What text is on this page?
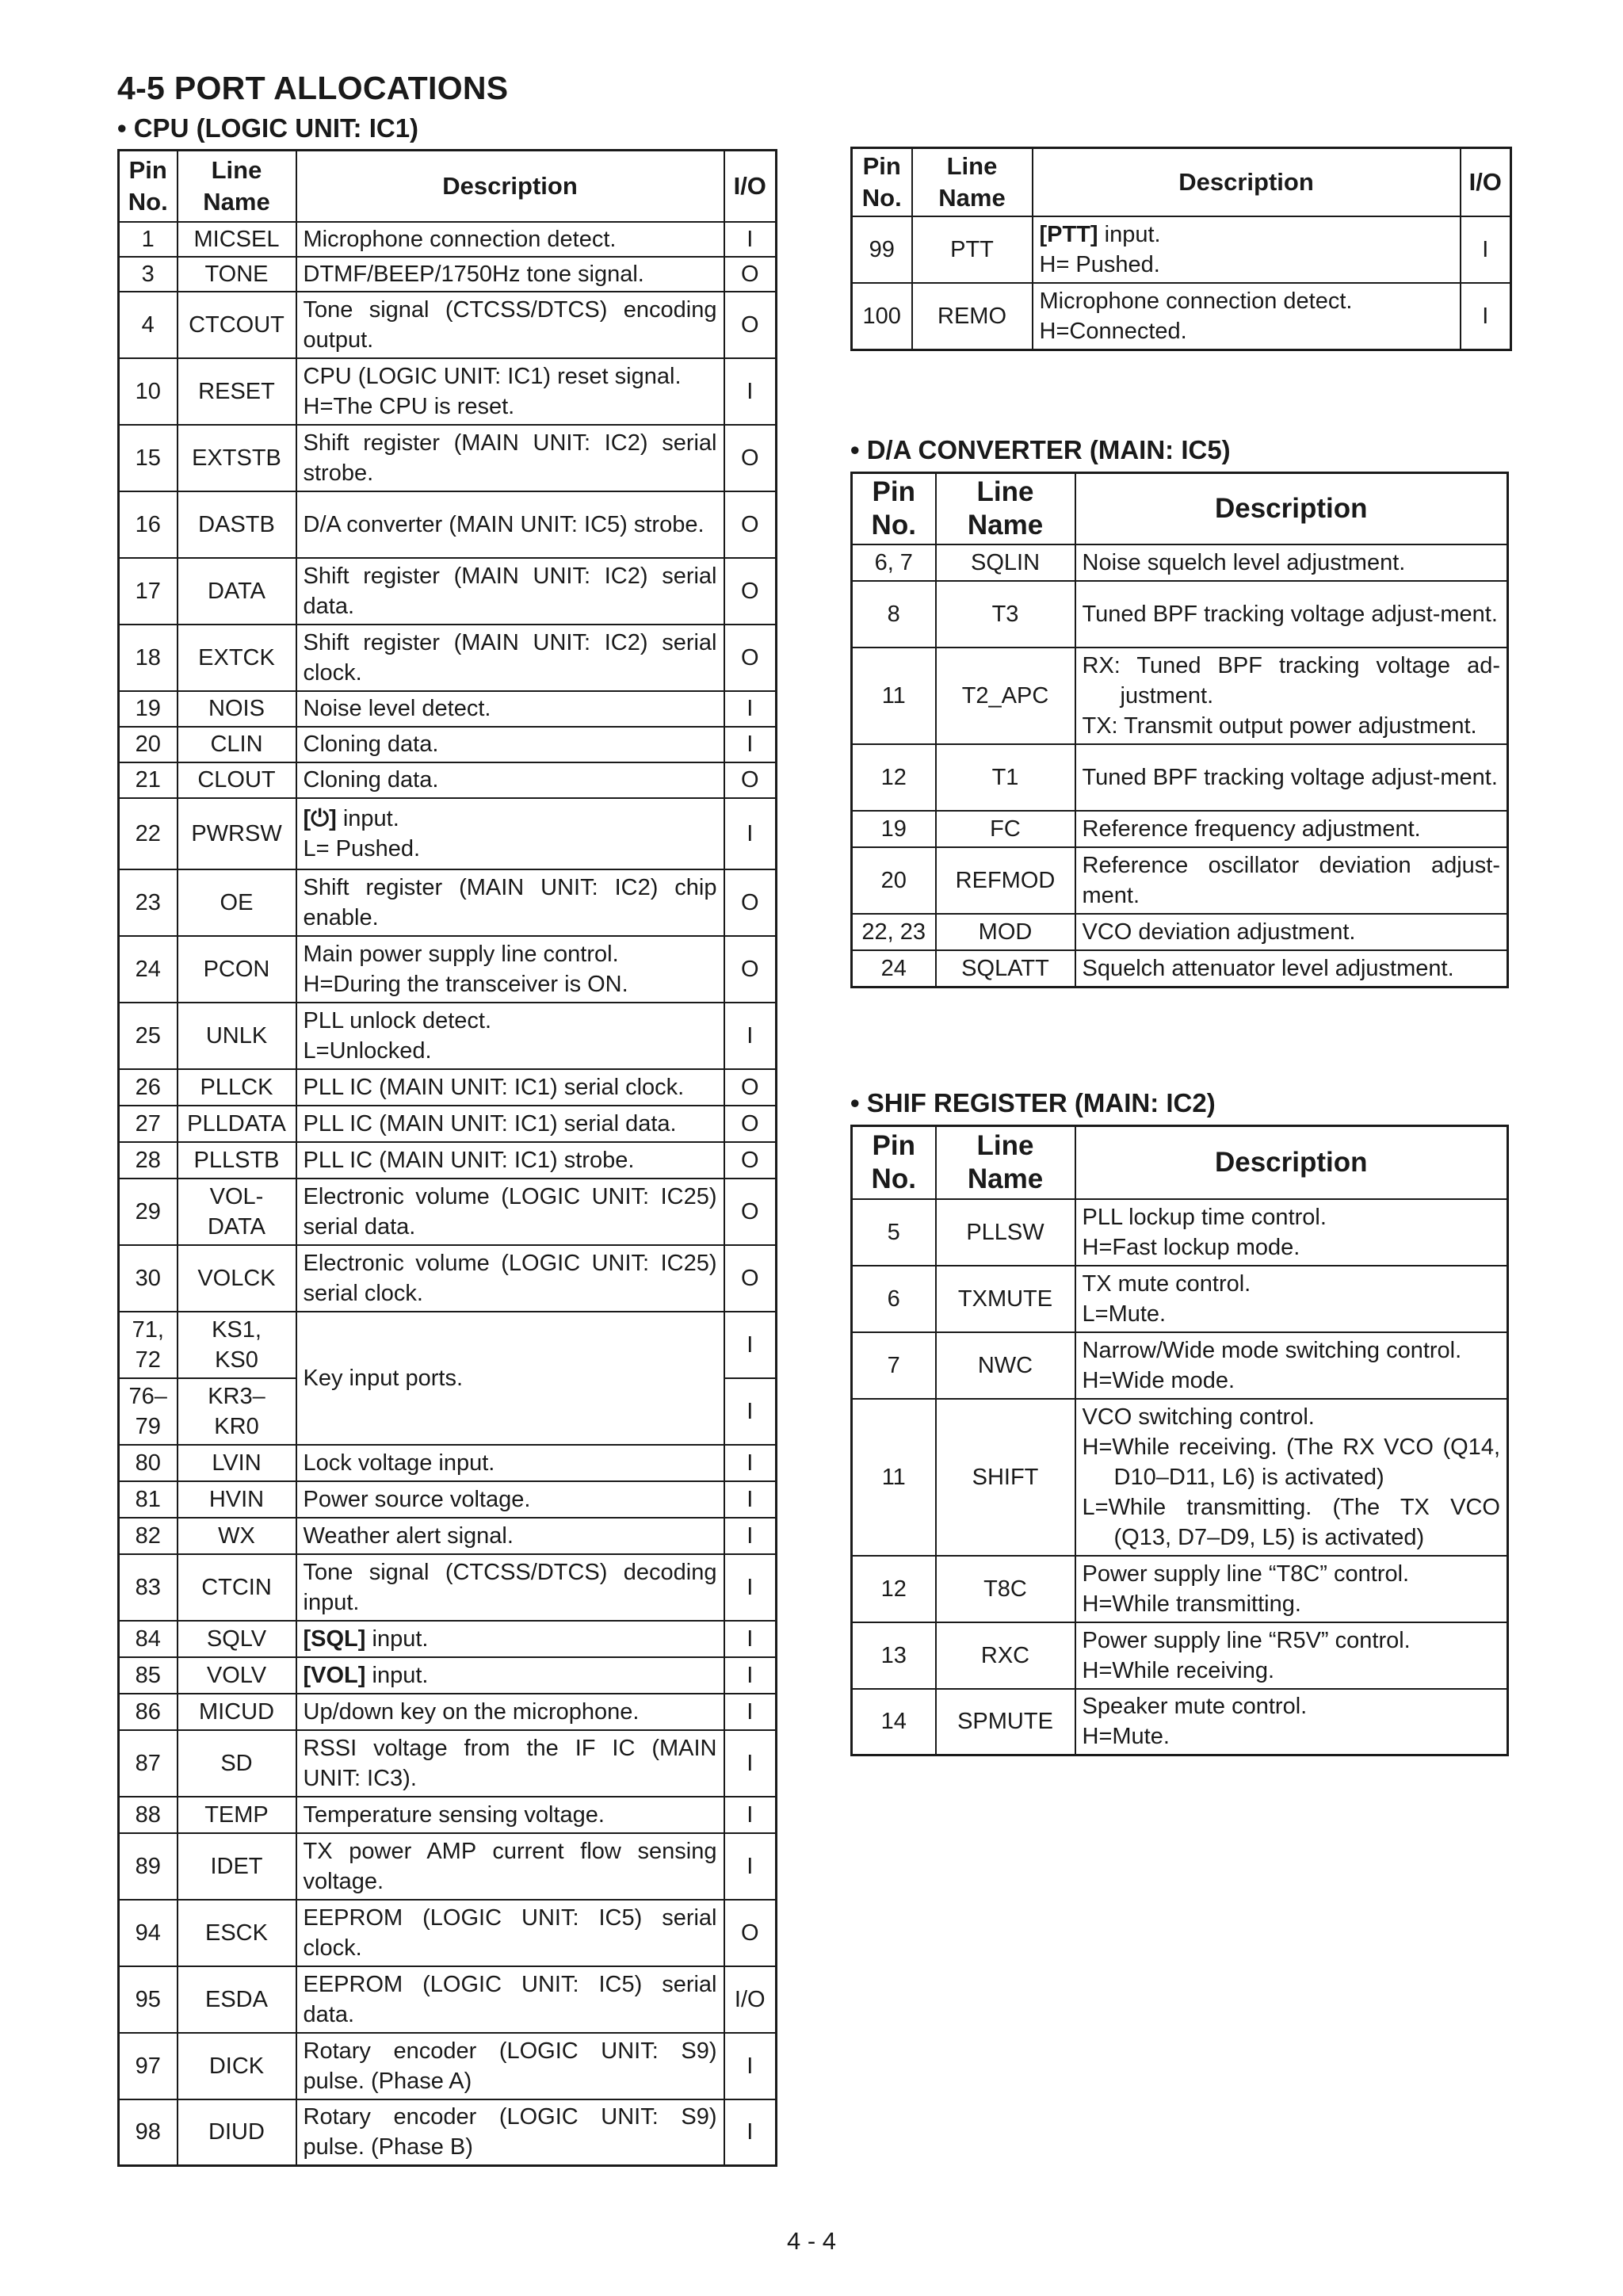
4-5 PORT ALLOCATIONS
• CPU (LOGIC UNIT: IC1)
Pin
No.	Line
Name	Description	I/O
1	MICSEL	Microphone connection detect.	I
3	TONE	DTMF/BEEP/1750Hz tone signal.	O
4	CTCOUT	Tone signal (CTCSS/DTCS) encoding output.	O
10	RESET	CPU (LOGIC UNIT: IC1) reset signal.
H=The CPU is reset.	I
15	EXTSTB	Shift register (MAIN UNIT: IC2) serial strobe.	O
16	DASTB	D/A converter (MAIN UNIT: IC5) strobe.	O
17	DATA	Shift register (MAIN UNIT: IC2) serial data.	O
18	EXTCK	Shift register (MAIN UNIT: IC2) serial clock.	O
19	NOIS	Noise level detect.	I
20	CLIN	Cloning data.	I
21	CLOUT	Cloning data.	O
22	PWRSW	[⏻] input.
L= Pushed.	I
23	OE	Shift register (MAIN UNIT: IC2) chip enable.	O
24	PCON	Main power supply line control.
H=During the transceiver is ON.	O
25	UNLK	PLL unlock detect.
L=Unlocked.	I
26	PLLCK	PLL IC (MAIN UNIT: IC1) serial clock.	O
27	PLLDATA	PLL IC (MAIN UNIT: IC1) serial data.	O
28	PLLSTB	PLL IC (MAIN UNIT: IC1) strobe.	O
29	VOL-
DATA	Electronic volume (LOGIC UNIT: IC25) serial data.	O
30	VOLCK	Electronic volume (LOGIC UNIT: IC25) serial clock.	O
71,
72	KS1,
KS0	Key input ports.	I
76–
79	KR3–
KR0		I
80	LVIN	Lock voltage input.	I
81	HVIN	Power source voltage.	I
82	WX	Weather alert signal.	I
83	CTCIN	Tone signal (CTCSS/DTCS) decoding input.	I
84	SQLV	[SQL] input.	I
85	VOLV	[VOL] input.	I
86	MICUD	Up/down key on the microphone.	I
87	SD	RSSI voltage from the IF IC (MAIN UNIT: IC3).	I
88	TEMP	Temperature sensing voltage.	I
89	IDET	TX power AMP current flow sensing voltage.	I
94	ESCK	EEPROM (LOGIC UNIT: IC5) serial clock.	O
95	ESDA	EEPROM (LOGIC UNIT: IC5) serial data.	I/O
97	DICK	Rotary encoder (LOGIC UNIT: S9) pulse. (Phase A)	I
98	DIUD	Rotary encoder (LOGIC UNIT: S9) pulse. (Phase B)	I
Pin
No.	Line
Name	Description	I/O
99	PTT	[PTT] input.
H= Pushed.	I
100	REMO	Microphone connection detect.
H=Connected.	I
• D/A CONVERTER (MAIN: IC5)
Pin
No.	Line
Name	Description
6, 7	SQLIN	Noise squelch level adjustment.
8	T3	Tuned BPF tracking voltage adjust-ment.
11	T2_APC	RX: Tuned BPF tracking voltage ad-justment.
TX: Transmit output power adjustment.

12	T1	Tuned BPF tracking voltage adjust-ment.
19	FC	Reference frequency adjustment.
20	REFMOD	Reference oscillator deviation adjust-ment.
22, 23	MOD	VCO deviation adjustment.
24	SQLATT	Squelch attenuator level adjustment.
• SHIF REGISTER (MAIN: IC2)
Pin
No.	Line
Name	Description
5	PLLSW	PLL lockup time control.
H=Fast lockup mode.
6	TXMUTE	TX mute control.
L=Mute.
7	NWC	Narrow/Wide mode switching control.
H=Wide mode.
11	SHIFT	VCO switching control.
H=While receiving. (The RX VCO (Q14, D10–D11, L6) is activated)
L=While transmitting. (The TX VCO (Q13, D7–D9, L5) is activated)

12	T8C	Power supply line “T8C” control.
H=While transmitting.
13	RXC	Power supply line “R5V” control.
H=While receiving.
14	SPMUTE	Speaker mute control.
H=Mute.
4 - 4
